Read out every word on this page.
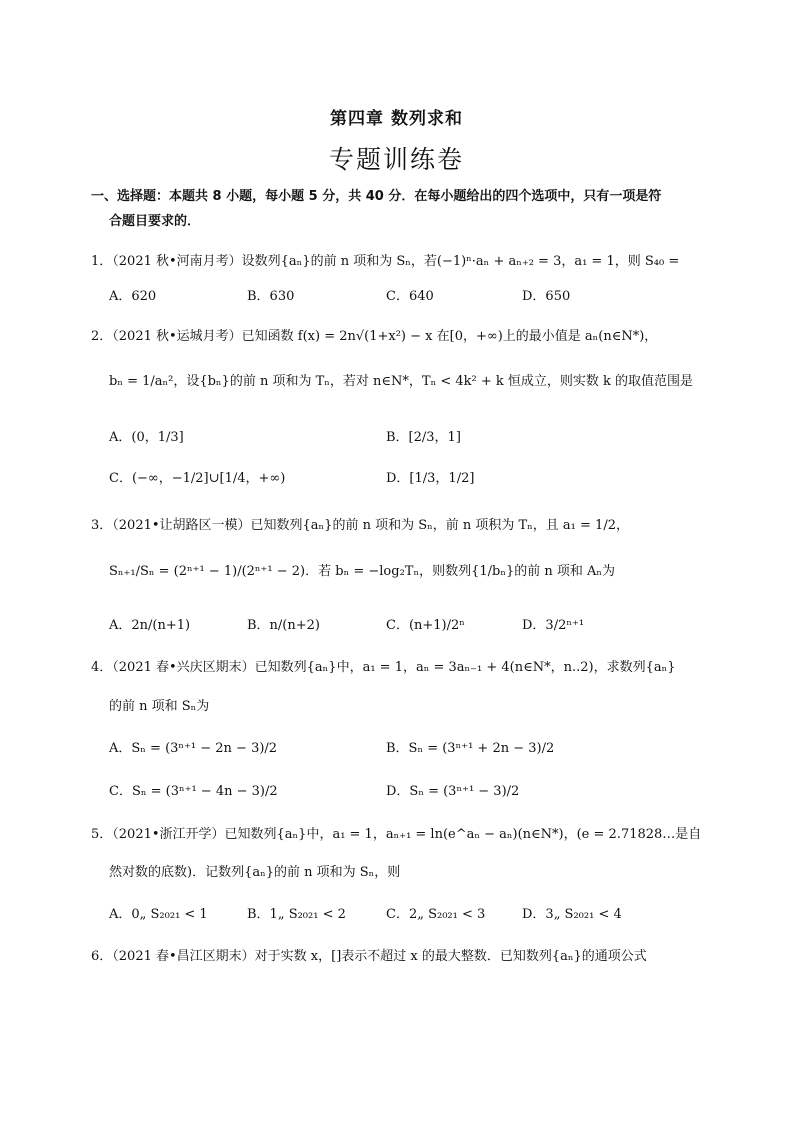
第四章 数列求和
专题训练卷
一、选择题：本题共 8 小题，每小题 5 分，共 40 分．在每小题给出的四个选项中，只有一项是符
合题目要求的．
1．（2021 秋•河南月考）设数列{aₙ}的前 n 项和为 Sₙ，若(−1)ⁿ·aₙ + aₙ₊₂ = 3，a₁ = 1，则 S₄₀ =
A．620	B．630	C．640	D．650
2．（2021 秋•运城月考）已知函数 f(x) = 2n√(1+x²) − x 在[0，+∞)上的最小值是 aₙ(n∈N*)，
bₙ = 1/aₙ²，设{bₙ}的前 n 项和为 Tₙ，若对 n∈N*，Tₙ < 4k² + k 恒成立，则实数 k 的取值范围是
A．(0，1/3]	B．[2/3，1]
C．(−∞，−1/2]∪[1/4，+∞)	D．[1/3，1/2]
3．（2021•让胡路区一模）已知数列{aₙ}的前 n 项和为 Sₙ，前 n 项积为 Tₙ，且 a₁ = 1/2，
Sₙ₊₁/Sₙ = (2ⁿ⁺¹ − 1)/(2ⁿ⁺¹ − 2)．若 bₙ = −log₂Tₙ，则数列{1/bₙ}的前 n 项和 Aₙ为
A．2n/(n+1)	B．n/(n+2)	C．(n+1)/2ⁿ	D．3/2ⁿ⁺¹
4．（2021 春•兴庆区期末）已知数列{aₙ}中，a₁ = 1，aₙ = 3aₙ₋₁ + 4(n∈N*，n..2)，求数列{aₙ}
的前 n 项和 Sₙ为
A．Sₙ = (3ⁿ⁺¹ − 2n − 3)/2	B．Sₙ = (3ⁿ⁺¹ + 2n − 3)/2
C．Sₙ = (3ⁿ⁺¹ − 4n − 3)/2	D．Sₙ = (3ⁿ⁺¹ − 3)/2
5．（2021•浙江开学）已知数列{aₙ}中，a₁ = 1，aₙ₊₁ = ln(e^aₙ − aₙ)(n∈N*)，(e = 2.71828…是自
然对数的底数)．记数列{aₙ}的前 n 项和为 Sₙ，则
A．0„ S₂₀₂₁ < 1	B．1„ S₂₀₂₁ < 2	C．2„ S₂₀₂₁ < 3	D．3„ S₂₀₂₁ < 4
6．（2021 春•昌江区期末）对于实数 x，[]表示不超过 x 的最大整数．已知数列{aₙ}的通项公式
